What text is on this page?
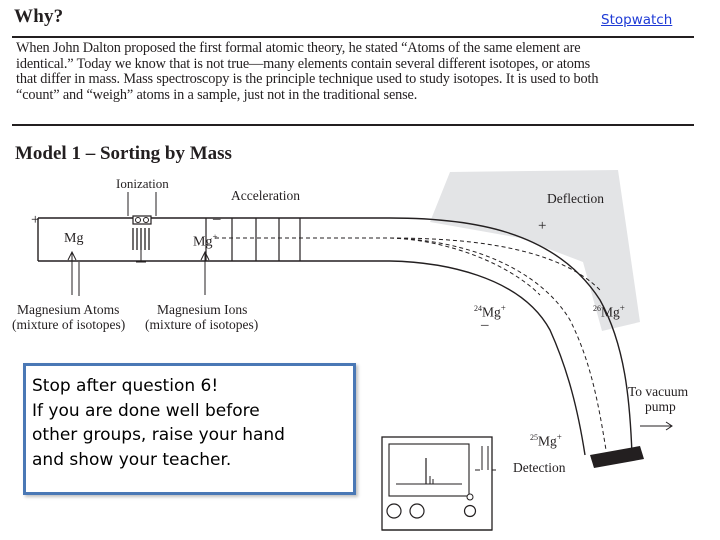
Why?	Stopwatch
When John Dalton proposed the first formal atomic theory, he stated “Atoms of the same element are
identical.” Today we know that is not true—many elements contain several different isotopes, or atoms
that differ in mass. Mass spectroscopy is the principle technique used to study isotopes. It is used to both
“count” and “weigh” atoms in a sample, just not in the traditional sense.
Model 1 – Sorting by Mass
Ionization
Acceleration	Deflection
+	–	+
–
Mg	Mg+
Magnesium Atoms
(mixture of isotopes)
Magnesium Ions
(mixture of isotopes)
$^{24}$Mg+	$^{26}$Mg+
$^{25}$Mg+
To vacuum
pump
Detection
Stop after question 6!
If you are done well before
other groups, raise your hand
and show your teacher.
